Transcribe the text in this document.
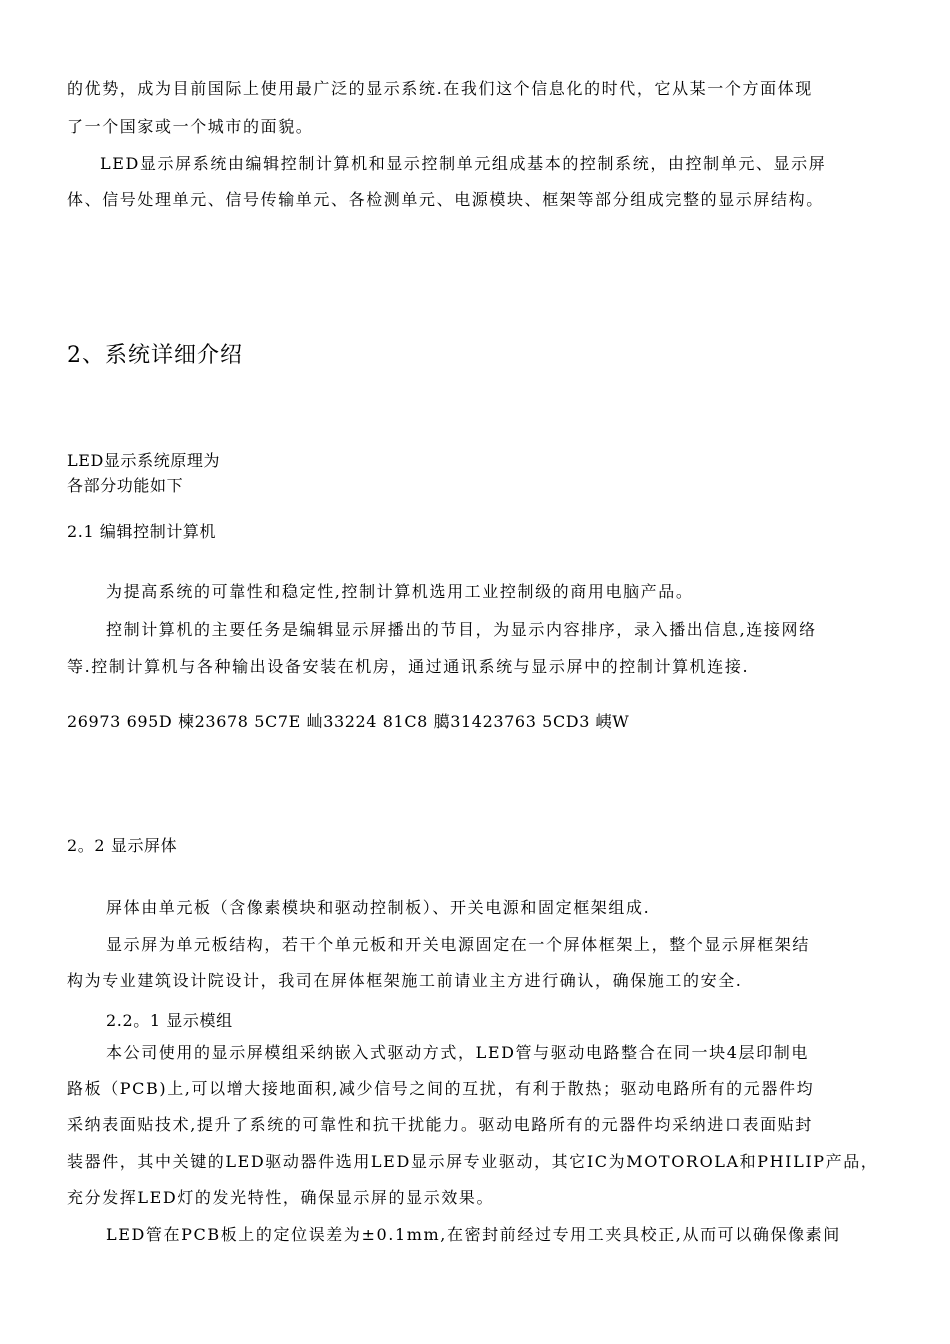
的优势，成为目前国际上使用最广泛的显示系统.在我们这个信息化的时代，它从某一个方面体现
了一个国家或一个城市的面貌。
LED显示屏系统由编辑控制计算机和显示控制单元组成基本的控制系统，由控制单元、显示屏
体、信号处理单元、信号传输单元、各检测单元、电源模块、框架等部分组成完整的显示屏结构。
2、系统详细介绍
LED显示系统原理为
各部分功能如下
2.1 编辑控制计算机
为提高系统的可靠性和稳定性,控制计算机选用工业控制级的商用电脑产品。
控制计算机的主要任务是编辑显示屏播出的节目，为显示内容排序，录入播出信息,连接网络
等.控制计算机与各种输出设备安装在机房，通过通讯系统与显示屏中的控制计算机连接.
26973 695D 楝23678 5C7E 屾33224 81C8 臈31423763 5CD3 峓W
2。2 显示屏体
屏体由单元板（含像素模块和驱动控制板）、开关电源和固定框架组成.
显示屏为单元板结构，若干个单元板和开关电源固定在一个屏体框架上，整个显示屏框架结
构为专业建筑设计院设计，我司在屏体框架施工前请业主方进行确认，确保施工的安全.
2.2。1 显示模组
本公司使用的显示屏模组采纳嵌入式驱动方式，LED管与驱动电路整合在同一块4层印制电
路板（PCB)上,可以增大接地面积,减少信号之间的互扰，有利于散热；驱动电路所有的元器件均
采纳表面贴技术,提升了系统的可靠性和抗干扰能力。驱动电路所有的元器件均采纳进口表面贴封
装器件，其中关键的LED驱动器件选用LED显示屏专业驱动，其它IC为MOTOROLA和PHILIP产品，
充分发挥LED灯的发光特性，确保显示屏的显示效果。
LED管在PCB板上的定位误差为±0.1mm,在密封前经过专用工夹具校正,从而可以确保像素间
